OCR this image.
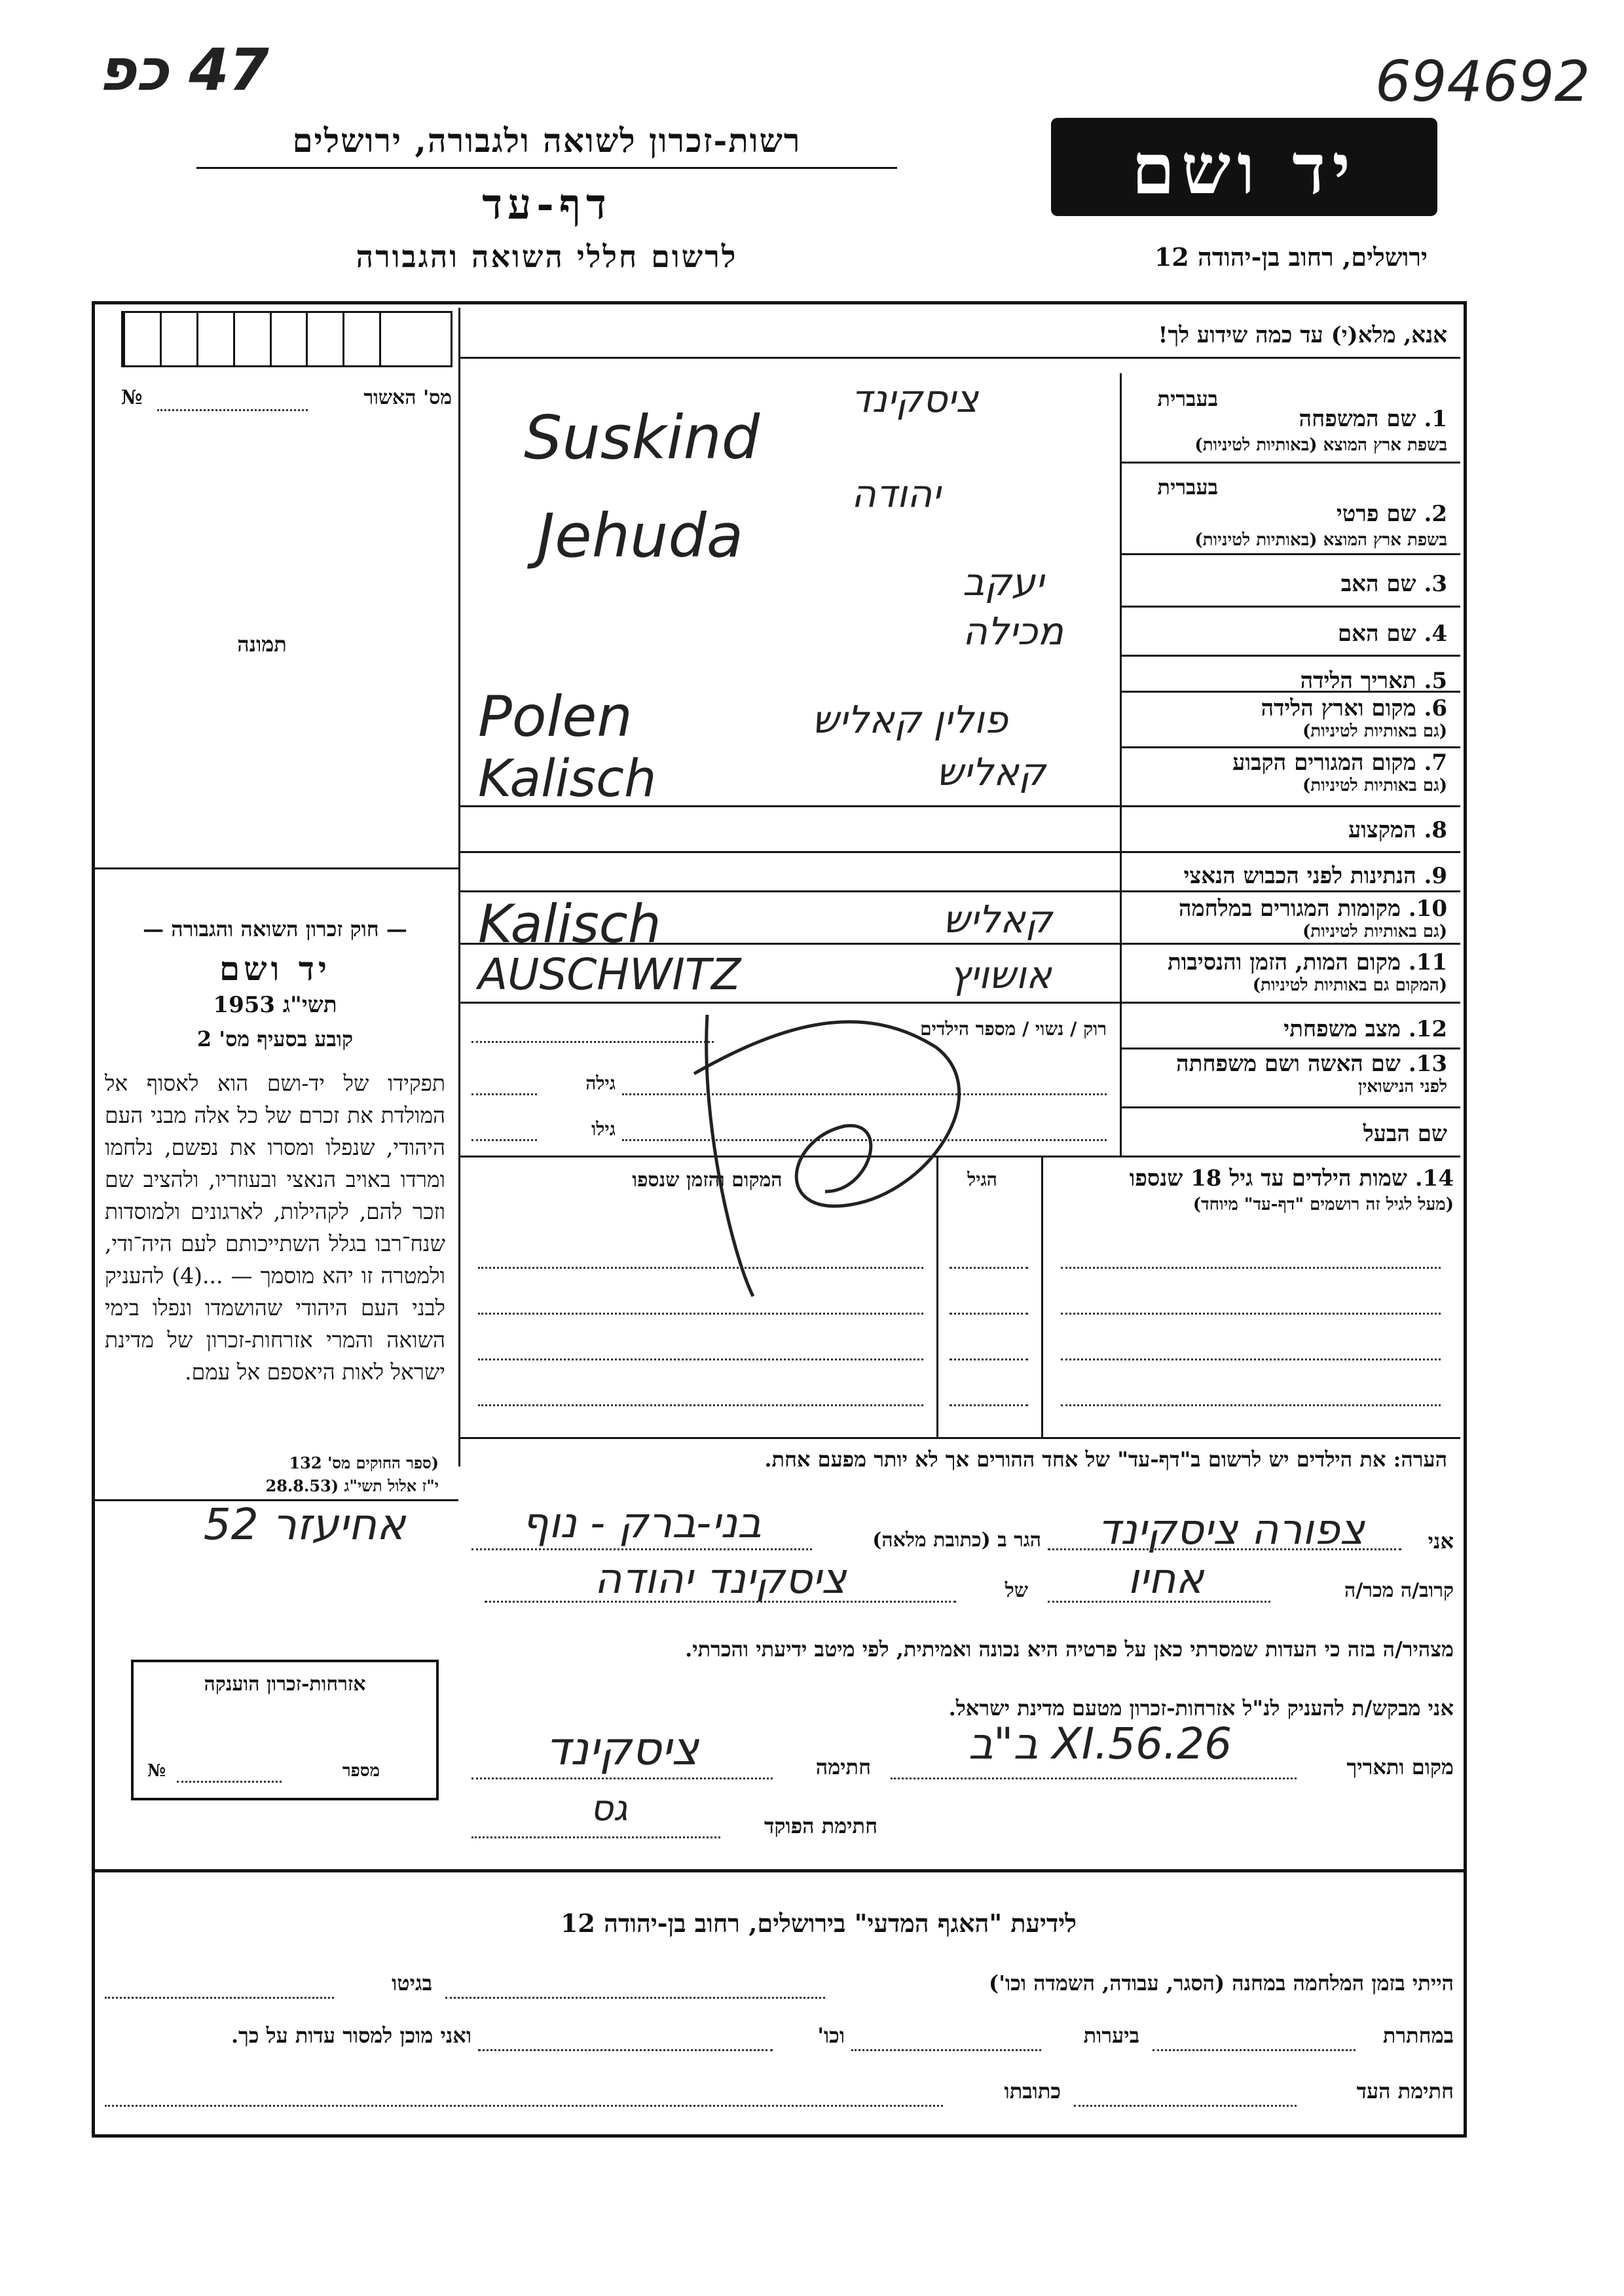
47 כפ	694692
רשות-זכרון לשואה ולגבורה, ירושלים
דף-עד
לרשום חללי השואה והגבורה
יד ושם
ירושלים, רחוב בן-יהודה 12
מס' האשור
№
תמונה
אנא, מלא(י) עד כמה שידוע לך!
בעברית
1. שם המשפחה
בשפת ארץ המוצא (באותיות לטיניות)
ציסקינד
Suskind
בעברית
2. שם פרטי
בשפת ארץ המוצא (באותיות לטיניות)
יהודה
Jehuda
3. שם האב
יעקב
4. שם האם
מכילה
5. תאריך הלידה
6. מקום וארץ הלידה
(גם באותיות לטיניות)
פולין קאליש
Polen
7. מקום המגורים הקבוע
(גם באותיות לטיניות)
קאליש
Kalisch
8. המקצוע
9. הנתינות לפני הכבוש הנאצי
10. מקומות המגורים במלחמה
(גם באותיות לטיניות)
קאליש
Kalisch
11. מקום המות, הזמן והנסיבות
(המקום גם באותיות לטיניות)
אושויץ
AUSCHWITZ
12. מצב משפחתי
רוק / נשוי / מספר הילדים
13. שם האשה ושם משפחתה
לפני הנישואין
גילה
שם הבעל
גילו
14. שמות הילדים עד גיל 18 שנספו
(מעל לגיל זה רושמים "דף-עד" מיוחד)
הגיל
המקום והזמן שנספו
הערה: את הילדים יש לרשום ב"דף-עד" של אחד ההורים אך לא יותר מפעם אחת.
— חוק זכרון השואה והגבורה —
יד ושם
תשי"ג 1953
קובע בסעיף מס' 2
תפקידו של יד-ושם הוא לאסוף אל המולדת את זכרם של כל אלה מבני העם היהודי, שנפלו ומסרו את נפשם, נלחמו ומרדו באויב הנאצי ובעוזריו, ולהציב שם וזכר להם, לקהילות, לארגונים ולמוסדות שנח־רבו בגלל השתייכותם לעם היה־ודי, ולמטרה זו יהא מוסמך — ...(4) להעניק לבני העם היהודי שהושמדו ונפלו בימי השואה והמרי אזרחות-זכרון של מדינת ישראל לאות היאספם אל עמם.
(ספר החוקים מס' 132
י"ז אלול תשי"ג (28.8.53
אני
צפורה ציסקינד
הגר ב (כתובת מלאה)
בני-ברק - נוף
אחיעזר 52
קרוב/ה מכר/ה
אחיו
של
ציסקינד יהודה
מצהיר/ה בזה כי העדות שמסרתי כאן על פרטיה היא נכונה ואמיתית, לפי מיטב ידיעתי והכרתי.
אני מבקש/ת להעניק לנ"ל אזרחות-זכרון מטעם מדינת ישראל.
מקום ותאריך
26.XI.56 ב"ב
חתימה
ציסקינד
חתימת הפוקד
גס
אזרחות-זכרון הוענקה
מספר
№
לידיעת "האגף המדעי" בירושלים, רחוב בן-יהודה 12
הייתי בזמן המלחמה במחנה (הסגר, עבודה, השמדה וכו')
בגיטו
במחתרת
ביערות
וכו'
ואני מוכן למסור עדות על כך.
חתימת העד
כתובתו
